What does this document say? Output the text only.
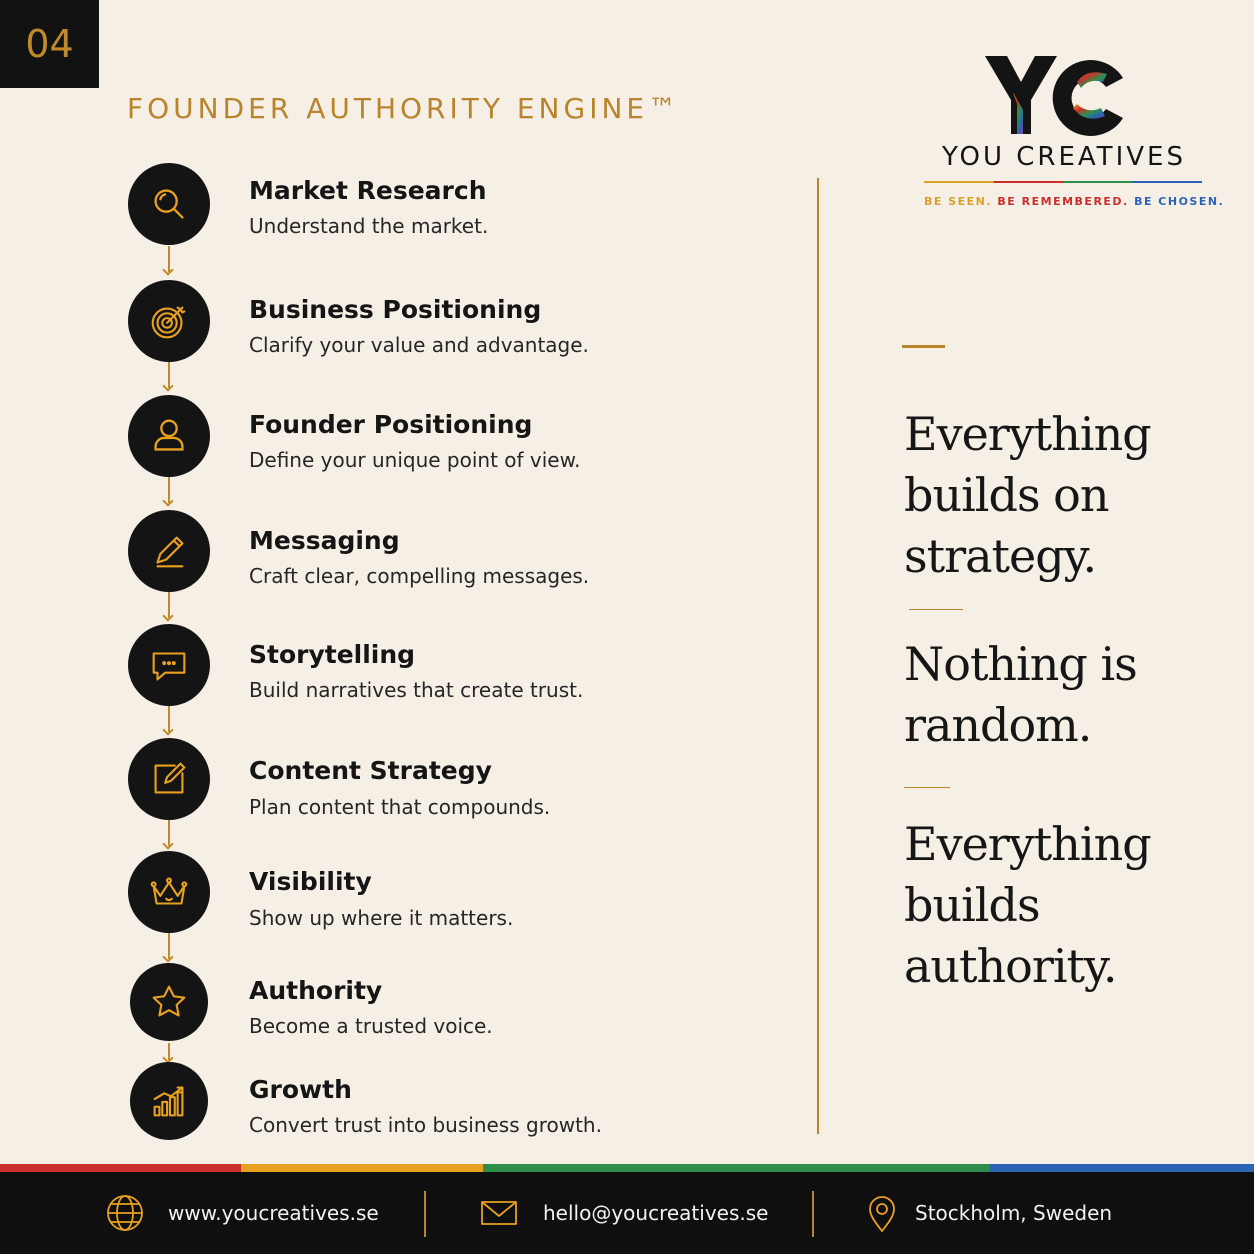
04
FOUNDER AUTHORITY ENGINE™
Market Research
Understand the market.
Business Positioning
Clarify your value and advantage.
Founder Positioning
Define your unique point of view.
Messaging
Craft clear, compelling messages.
Storytelling
Build narratives that create trust.
Content Strategy
Plan content that compounds.
Visibility
Show up where it matters.
Authority
Become a trusted voice.
Growth
Convert trust into business growth.
YOU CREATIVES
BE SEEN. BE REMEMBERED. BE CHOSEN.
Everything builds on strategy.
Nothing is random.
Everything builds authority.
www.youcreatives.se	hello@youcreatives.se	Stockholm, Sweden
